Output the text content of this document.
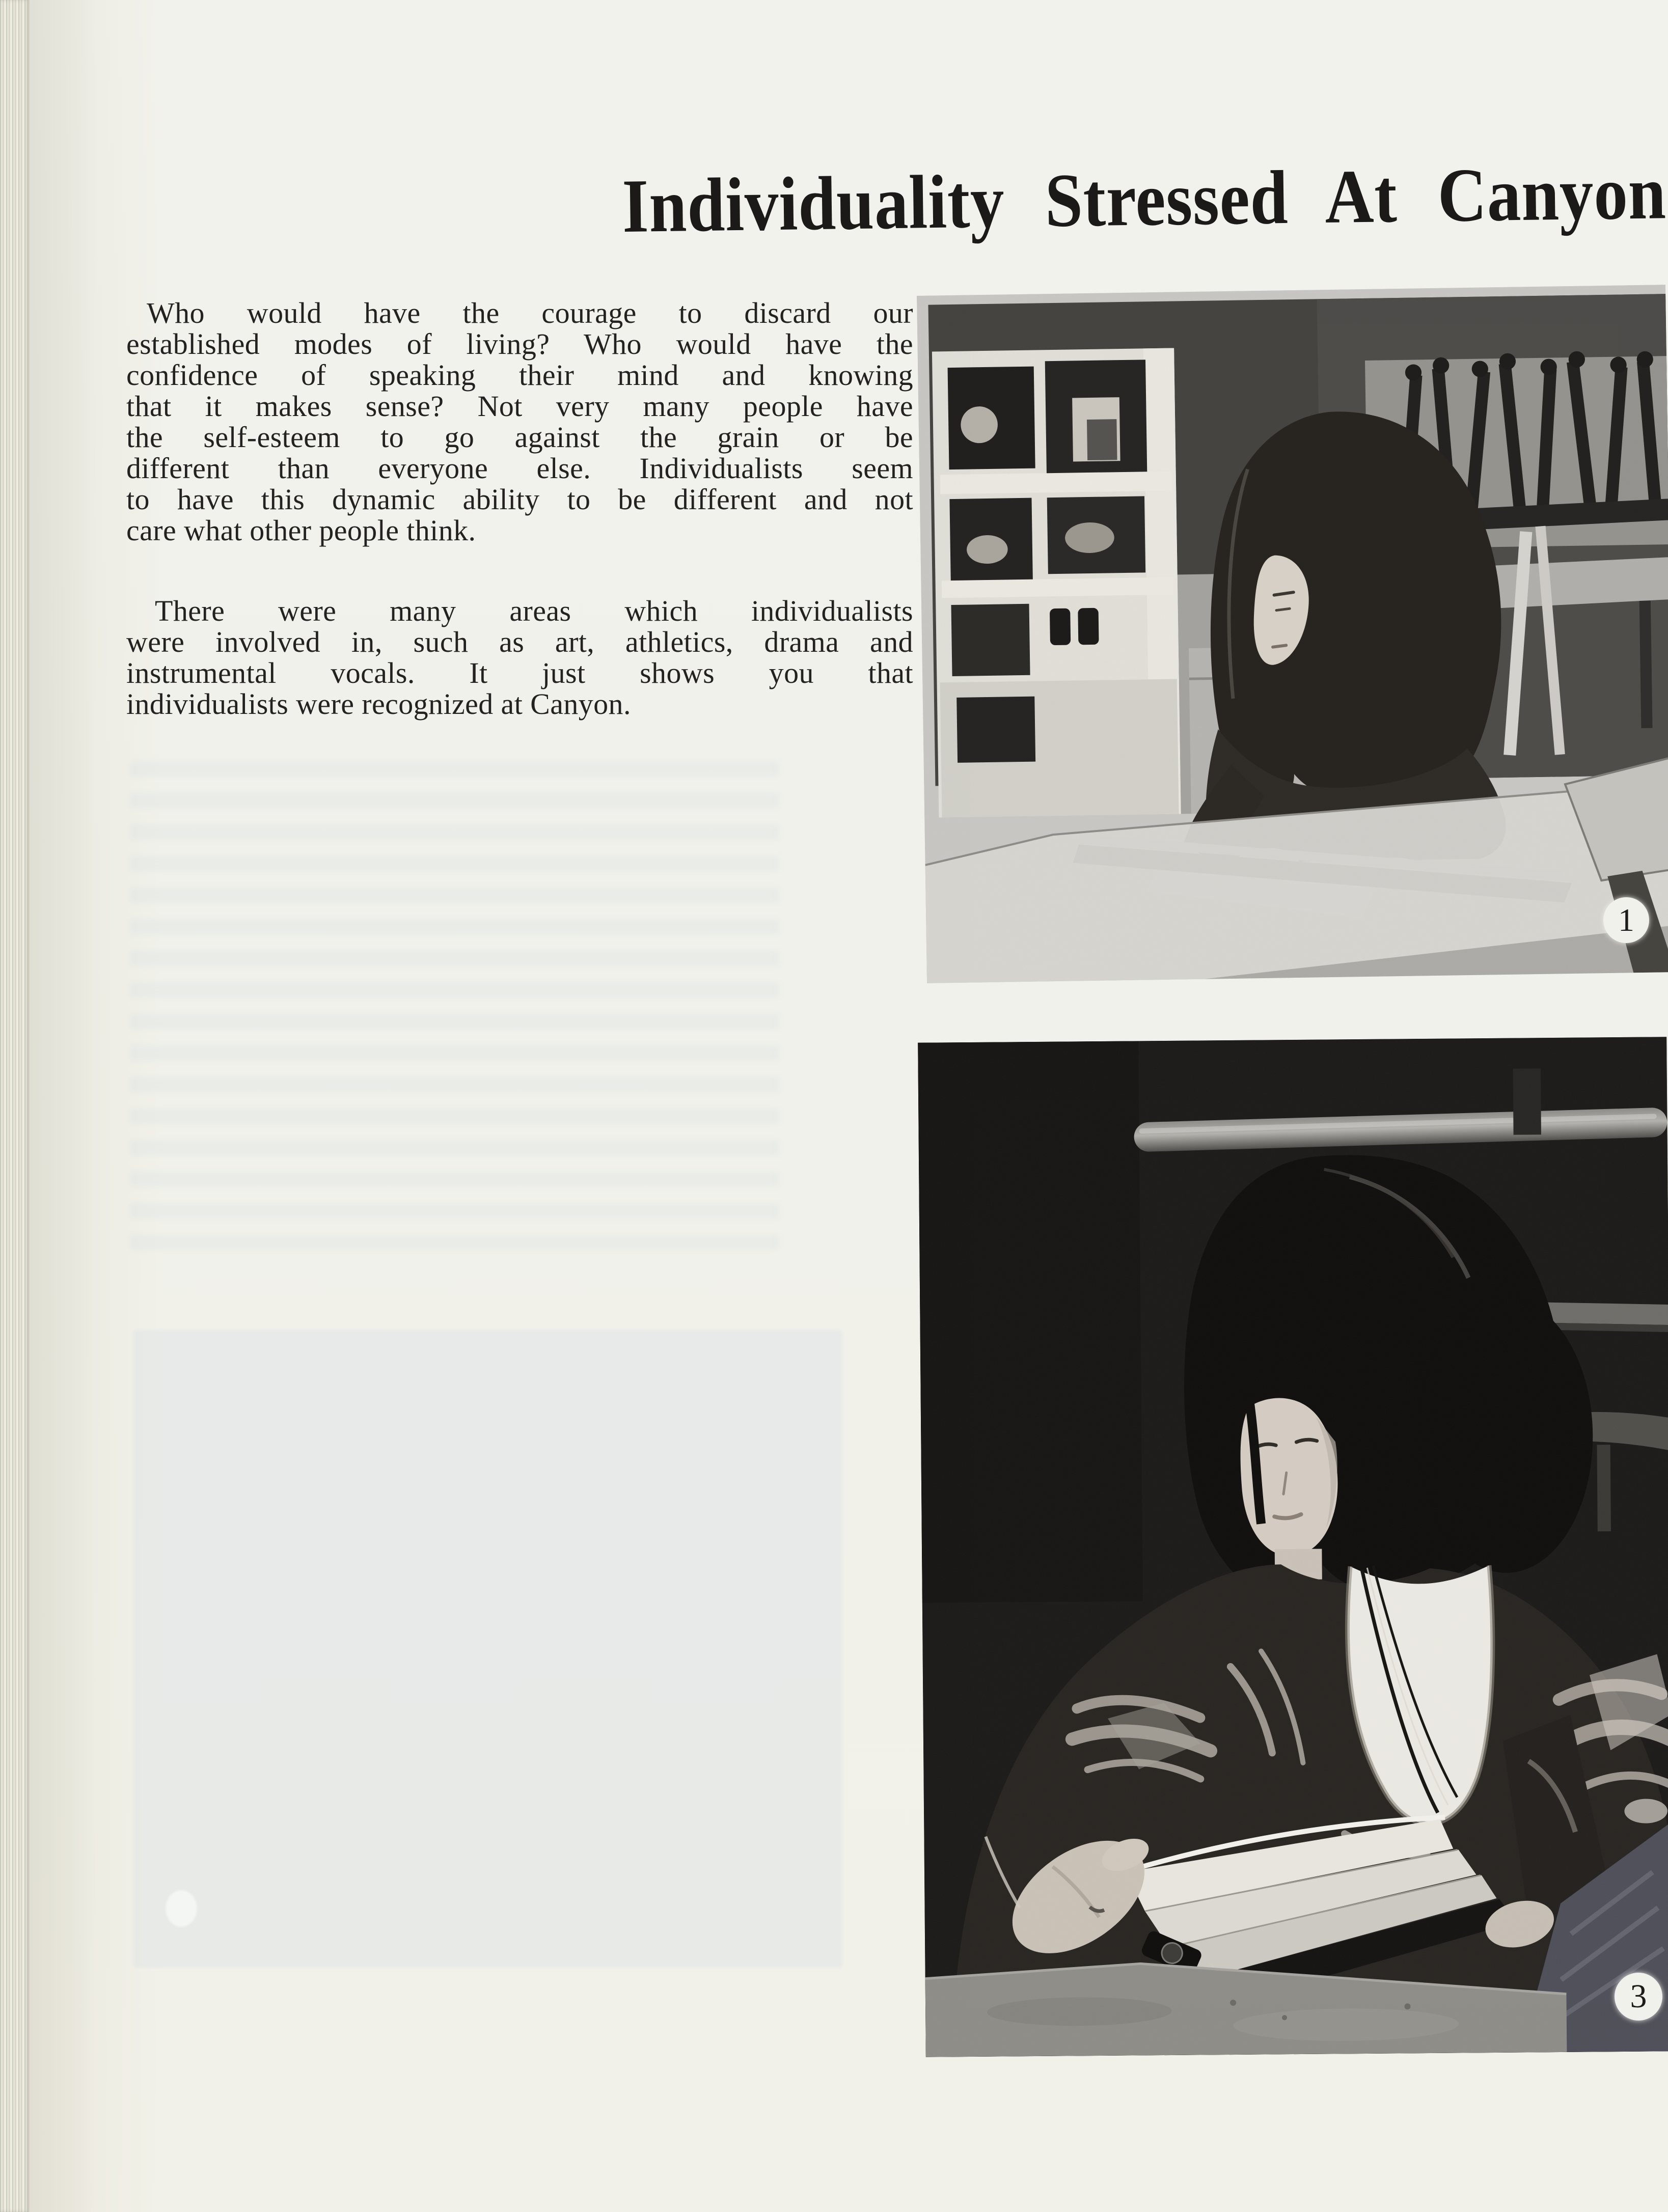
Individuality Stressed At Canyon

Who would have the courage to discard our
established modes of living? Who would have the
confidence of speaking their mind and knowing
that it makes sense? Not very many people have
the self-esteem to go against the grain or be
different than everyone else. Individualists seem
to have this dynamic ability to be different and not
care what other people think.

There were many areas which individualists
were involved in, such as art, athletics, drama and
instrumental vocals. It just shows you that
individualists were recognized at Canyon.

1
3
